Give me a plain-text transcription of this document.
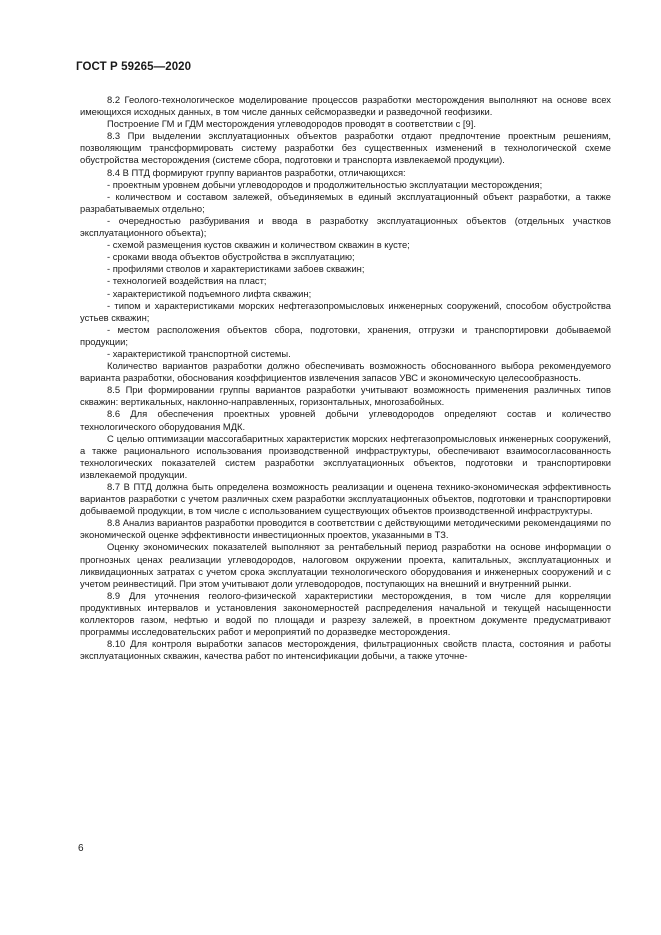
ГОСТ Р 59265—2020

8.2 Геолого-технологическое моделирование процессов разработки месторождения выполняют на основе всех имеющихся исходных данных, в том числе данных сейсморазведки и разведочной геофизики.

Построение ГМ и ГДМ месторождения углеводородов проводят в соответствии с [9].

8.3 При выделении эксплуатационных объектов разработки отдают предпочтение проектным решениям, позволяющим трансформировать систему разработки без существенных изменений в технологической схеме обустройства месторождения (системе сбора, подготовки и транспорта извлекаемой продукции).

8.4 В ПТД формируют группу вариантов разработки, отличающихся:

- проектным уровнем добычи углеводородов и продолжительностью эксплуатации месторождения;

- количеством и составом залежей, объединяемых в единый эксплуатационный объект разработки, а также разрабатываемых отдельно;

- очередностью разбуривания и ввода в разработку эксплуатационных объектов (отдельных участков эксплуатационного объекта);

- схемой размещения кустов скважин и количеством скважин в кусте;

- сроками ввода объектов обустройства в эксплуатацию;

- профилями стволов и характеристиками забоев скважин;

- технологией воздействия на пласт;

- характеристикой подъемного лифта скважин;

- типом и характеристиками морских нефтегазопромысловых инженерных сооружений, способом обустройства устьев скважин;

- местом расположения объектов сбора, подготовки, хранения, отгрузки и транспортировки добываемой продукции;

- характеристикой транспортной системы.

Количество вариантов разработки должно обеспечивать возможность обоснованного выбора рекомендуемого варианта разработки, обоснования коэффициентов извлечения запасов УВС и экономическую целесообразность.

8.5 При формировании группы вариантов разработки учитывают возможность применения различных типов скважин: вертикальных, наклонно-направленных, горизонтальных, многозабойных.

8.6 Для обеспечения проектных уровней добычи углеводородов определяют состав и количество технологического оборудования МДК.

С целью оптимизации массогабаритных характеристик морских нефтегазопромысловых инженерных сооружений, а также рационального использования производственной инфраструктуры, обеспечивают взаимосогласованность технологических показателей систем разработки эксплуатационных объектов, подготовки и транспортировки извлекаемой продукции.

8.7 В ПТД должна быть определена возможность реализации и оценена технико-экономическая эффективность вариантов разработки с учетом различных схем разработки эксплуатационных объектов, подготовки и транспортировки добываемой продукции, в том числе с использованием существующих объектов производственной инфраструктуры.

8.8 Анализ вариантов разработки проводится в соответствии с действующими методическими рекомендациями по экономической оценке эффективности инвестиционных проектов, указанными в ТЗ.

Оценку экономических показателей выполняют за рентабельный период разработки на основе информации о прогнозных ценах реализации углеводородов, налоговом окружении проекта, капитальных, эксплуатационных и ликвидационных затратах с учетом срока эксплуатации технологического оборудования и инженерных сооружений и с учетом реинвестиций. При этом учитывают доли углеводородов, поступающих на внешний и внутренний рынки.

8.9 Для уточнения геолого-физической характеристики месторождения, в том числе для корреляции продуктивных интервалов и установления закономерностей распределения начальной и текущей насыщенности коллекторов газом, нефтью и водой по площади и разрезу залежей, в проектном документе предусматривают программы исследовательских работ и мероприятий по доразведке месторождения.

8.10 Для контроля выработки запасов месторождения, фильтрационных свойств пласта, состояния и работы эксплуатационных скважин, качества работ по интенсификации добычи, а также уточне-

6
